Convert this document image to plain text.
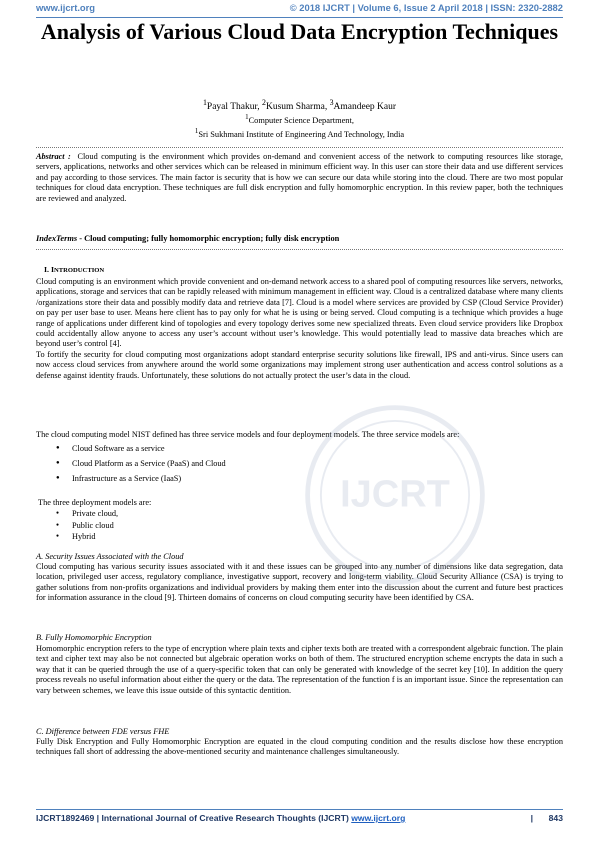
www.ijcrt.org	© 2018 IJCRT | Volume 6, Issue 2 April 2018 | ISSN: 2320-2882
Analysis of Various Cloud Data Encryption Techniques
$^1$Payal Thakur, $^2$Kusum Sharma, $^3$Amandeep Kaur
$^1$Computer Science Department,
$^1$Sri Sukhmani Institute of Engineering And Technology, India

Abstract : Cloud computing is the environment which provides on-demand and convenient access of the network to computing resources like storage, servers, applications, networks and other services which can be released in minimum efficient way. In this user can store their data and use different services and pay according to those services. The main factor is security that is how we can secure our data while storing into the cloud. There are two most popular techniques for cloud data encryption. These techniques are full disk encryption and fully homomorphic encryption. In this review paper, both the techniques are reviewed and analyzed.

IndexTerms - Cloud computing; fully homomorphic encryption; fully disk encryption
I. INTRODUCTION

Cloud computing is an environment which provide convenient and on-demand network access to a shared pool of computing resources like servers, networks, applications, storage and services that can be rapidly released with minimum management in efficient way. Cloud is a centralized database where many clients /organizations store their data and possibly modify data and retrieve data [7]. Cloud is a model where services are provided by CSP (Cloud Service Provider) on pay per user base to user. Means here client has to pay only for what he is using or being served. Cloud computing is a technique which provides a huge range of applications under different kind of topologies and every topology derives some new specialized threats. Even cloud service providers like Dropbox could accidentally allow anyone to access any user’s account without user’s knowledge. This would potentially lead to massive data breaches which are beyond user’s control [4].

To fortify the security for cloud computing most organizations adopt standard enterprise security solutions like firewall, IPS and anti-virus. Since users can now access cloud services from anywhere around the world some organizations may implement strong user authentication and access control solutions as a defense against identity frauds. Unfortunately, these solutions do not actually protect the user’s data in the cloud.

The cloud computing model NIST defined has three service models and four deployment models. The three service models are:
● Cloud Software as a service
● Cloud Platform as a Service (PaaS) and Cloud
● Infrastructure as a Service (IaaS)
The three deployment models are:
● Private cloud,
● Public cloud
● Hybrid
A. Security Issues Associated with the Cloud
Cloud computing has various security issues associated with it and these issues can be grouped into any number of dimensions like data segregation, data location, privileged user access, regulatory compliance, investigative support, recovery and long-term viability. Cloud Security Alliance (CSA) is trying to gather solutions from non-profits organizations and individual providers by making them enter into the discussion about the current and future best practices for information assurance in the cloud [9]. Thirteen domains of concerns on cloud computing security have been identified by CSA.
B. Fully Homomorphic Encryption
Homomorphic encryption refers to the type of encryption where plain texts and cipher texts both are treated with a correspondent algebraic function. The plain text and cipher text may also be not connected but algebraic operation works on both of them. The structured encryption scheme encrypts the data in such a way that it can be queried through the use of a query-specific token that can only be generated with knowledge of the secret key [10]. In addition the query process reveals no useful information about either the query or the data. The representation of the function f is an important issue. Since the representation can vary between schemes, we leave this issue outside of this syntactic dentition.
C. Difference between FDE versus FHE
Fully Disk Encryption and Fully Homomorphic Encryption are equated in the cloud computing condition and the results disclose how these encryption techniques fall short of addressing the above-mentioned security and maintenance challenges simultaneously.
IJCRT
IJCRT1892469 | International Journal of Creative Research Thoughts (IJCRT) www.ijcrt.org	| 843
